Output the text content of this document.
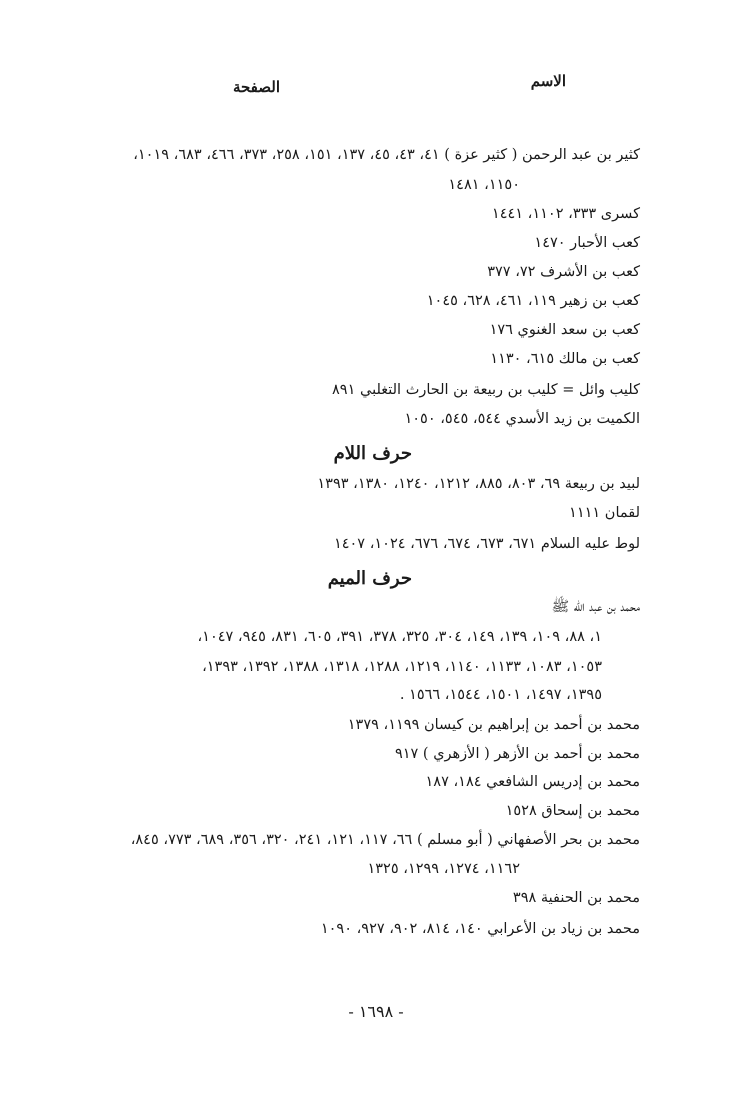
الاسم
الصفحة
كثير بن عبد الرحمن ( كثير عزة ) ٤١، ٤٣، ٤٥، ١٣٧، ١٥١، ٢٥٨، ٣٧٣، ٤٦٦، ٦٨٣، ١٠١٩،
١١٥٠، ١٤٨١
كسرى ٣٣٣، ١١٠٢، ١٤٤١
كعب الأحبار ١٤٧٠
كعب بن الأشرف ٧٢، ٣٧٧
كعب بن زهير ١١٩، ٤٦١، ٦٢٨، ١٠٤٥
كعب بن سعد الغنوي ١٧٦
كعب بن مالك ٦١٥، ١١٣٠
كليب وائل = كليب بن ربيعة بن الحارث التغلبي ٨٩١
الكميت بن زيد الأسدي ٥٤٤، ٥٤٥، ١٠٥٠
حرف اللام
لبيد بن ربيعة ٦٩، ٨٠٣، ٨٨٥، ١٢١٢، ١٢٤٠، ١٣٨٠، ١٣٩٣
لقمان ١١١١
لوط عليه السلام ٦٧١، ٦٧٣، ٦٧٤، ٦٧٦، ١٠٢٤، ١٤٠٧
حرف الميم
محمد بن عبد الله ﷺ
١، ٨٨، ١٠٩، ١٣٩، ١٤٩، ٣٠٤، ٣٢٥، ٣٧٨، ٣٩١، ٦٠٥، ٨٣١، ٩٤٥، ١٠٤٧،
١٠٥٣، ١٠٨٣، ١١٣٣، ١١٤٠، ١٢١٩، ١٢٨٨، ١٣١٨، ١٣٨٨، ١٣٩٢، ١٣٩٣،
١٣٩٥، ١٤٩٧، ١٥٠١، ١٥٤٤، ١٥٦٦ .
محمد بن أحمد بن إبراهيم بن كيسان ١١٩٩، ١٣٧٩
محمد بن أحمد بن الأزهر ( الأزهري ) ٩١٧
محمد بن إدريس الشافعي ١٨٤، ١٨٧
محمد بن إسحاق ١٥٢٨
محمد بن بحر الأصفهاني ( أبو مسلم ) ٦٦، ١١٧، ١٢١، ٢٤١، ٣٢٠، ٣٥٦، ٦٨٩، ٧٧٣، ٨٤٥،
١١٦٢، ١٢٧٤، ١٢٩٩، ١٣٢٥
محمد بن الحنفية ٣٩٨
محمد بن زياد بن الأعرابي ١٤٠، ٨١٤، ٩٠٢، ٩٢٧، ١٠٩٠
- ١٦٩٨ -
